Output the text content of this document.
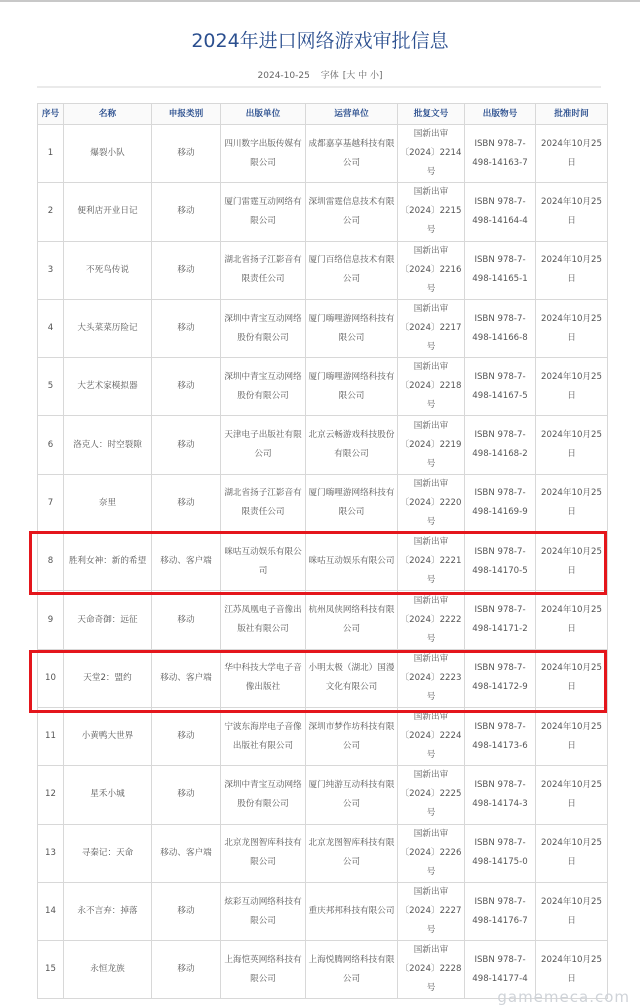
2024年进口网络游戏审批信息
2024-10-25 字体 [大 中 小]
序号	名称	申报类别	出版单位	运营单位	批复文号	出版物号	批准时间
1	爆裂小队	移动	四川数字出版传媒有限公司	成都嘉享基越科技有限公司	国新出审〔2024〕2214号	ISBN 978-7-498-14163-7	2024年10月25日
2	便利店开业日记	移动	厦门雷霆互动网络有限公司	深圳雷霆信息技术有限公司	国新出审〔2024〕2215号	ISBN 978-7-498-14164-4	2024年10月25日
3	不死鸟传说	移动	湖北省扬子江影音有限责任公司	厦门百络信息技术有限公司	国新出审〔2024〕2216号	ISBN 978-7-498-14165-1	2024年10月25日
4	大头菜菜历险记	移动	深圳中青宝互动网络股份有限公司	厦门嗨哩游网络科技有限公司	国新出审〔2024〕2217号	ISBN 978-7-498-14166-8	2024年10月25日
5	大艺术家模拟器	移动	深圳中青宝互动网络股份有限公司	厦门嗨哩游网络科技有限公司	国新出审〔2024〕2218号	ISBN 978-7-498-14167-5	2024年10月25日
6	洛克人：时空裂隙	移动	天津电子出版社有限公司	北京云畅游戏科技股份有限公司	国新出审〔2024〕2219号	ISBN 978-7-498-14168-2	2024年10月25日
7	奈里	移动	湖北省扬子江影音有限责任公司	厦门嗨哩游网络科技有限公司	国新出审〔2024〕2220号	ISBN 978-7-498-14169-9	2024年10月25日
8	胜利女神：新的希望	移动、客户端	咪咕互动娱乐有限公司	咪咕互动娱乐有限公司	国新出审〔2024〕2221号	ISBN 978-7-498-14170-5	2024年10月25日
9	天命奇御：远征	移动	江苏凤凰电子音像出版社有限公司	杭州凤侠网络科技有限公司	国新出审〔2024〕2222号	ISBN 978-7-498-14171-2	2024年10月25日
10	天堂2：盟约	移动、客户端	华中科技大学电子音像出版社	小明太极（湖北）国漫文化有限公司	国新出审〔2024〕2223号	ISBN 978-7-498-14172-9	2024年10月25日
11	小黄鸭大世界	移动	宁波东海岸电子音像出版社有限公司	深圳市梦作坊科技有限公司	国新出审〔2024〕2224号	ISBN 978-7-498-14173-6	2024年10月25日
12	星禾小城	移动	深圳中青宝互动网络股份有限公司	厦门纯游互动科技有限公司	国新出审〔2024〕2225号	ISBN 978-7-498-14174-3	2024年10月25日
13	寻秦记：天命	移动、客户端	北京龙图智库科技有限公司	北京龙图智库科技有限公司	国新出审〔2024〕2226号	ISBN 978-7-498-14175-0	2024年10月25日
14	永不言弃：掉落	移动	炫彩互动网络科技有限公司	重庆邦邦科技有限公司	国新出审〔2024〕2227号	ISBN 978-7-498-14176-7	2024年10月25日
15	永恒龙族	移动	上海恺英网络科技有限公司	上海悦腾网络科技有限公司	国新出审〔2024〕2228号	ISBN 978-7-498-14177-4	2024年10月25日
gamemeca.com
